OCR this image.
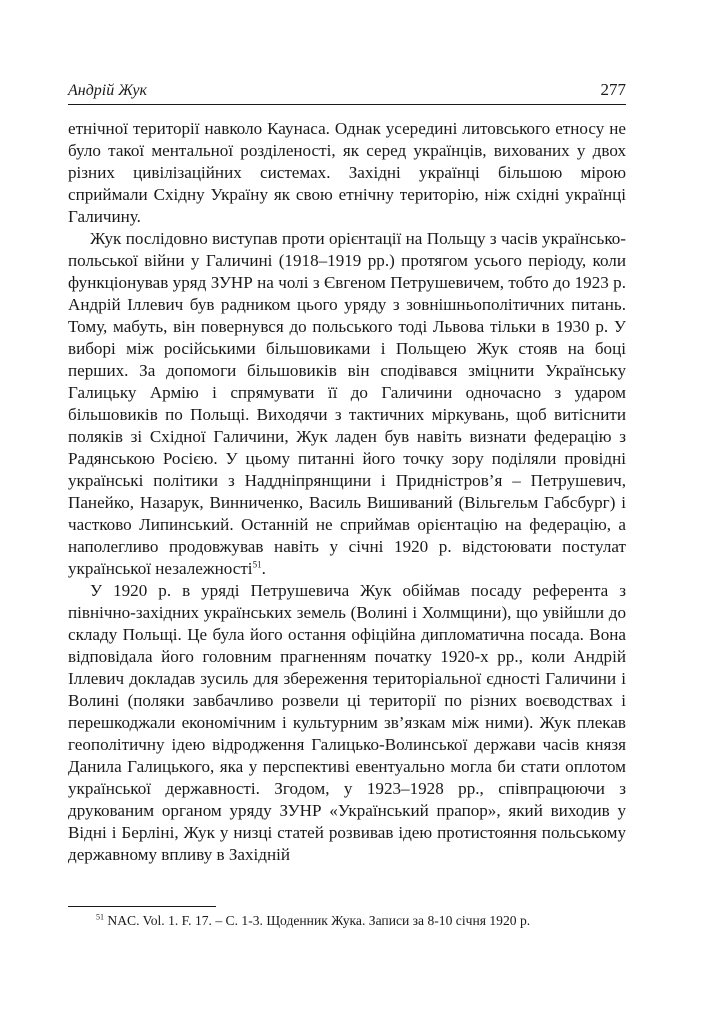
Андрій Жук	277

етнічної території навколо Каунаса. Однак усередині литовського етносу не було такої ментальної розділеності, як серед українців, вихованих у двох різних цивілізаційних системах. Західні українці більшою мірою сприймали Східну Україну як свою етнічну територію, ніж східні українці Галичину.

Жук послідовно виступав проти орієнтації на Польщу з часів українсько-польської війни у Галичині (1918–1919 рр.) протягом усього періоду, коли функціонував уряд ЗУНР на чолі з Євгеном Петрушевичем, тобто до 1923 р. Андрій Іллевич був радником цього уряду з зовнішньополітичних питань. Тому, мабуть, він повернувся до польського тоді Львова тільки в 1930 р. У виборі між російськими більшовиками і Польщею Жук стояв на боці перших. За допомоги більшовиків він сподівався зміцнити Українську Галицьку Армію і спрямувати її до Галичини одночасно з ударом більшовиків по Польщі. Виходячи з тактичних міркувань, щоб витіснити поляків зі Східної Галичини, Жук ладен був навіть визнати федерацію з Радянською Росією. У цьому питанні його точку зору поділяли провідні українські політики з Наддніпрянщини і Придністров’я – Петрушевич, Панейко, Назарук, Винниченко, Василь Вишиваний (Вільгельм Габсбург) і частково Липинський. Останній не сприймав орієнтацію на федерацію, а наполегливо продовжував навіть у січні 1920 р. відстоювати постулат української незалежності$^{51}$.

У 1920 р. в уряді Петрушевича Жук обіймав посаду референта з північно-західних українських земель (Волині і Холмщини), що увійшли до складу Польщі. Це була його остання офіційна дипломатична посада. Вона відповідала його головним прагненням початку 1920-х рр., коли Андрій Іллевич докладав зусиль для збереження територіальної єдності Галичини і Волині (поляки завбачливо розвели ці території по різних воєводствах і перешкоджали економічним і культурним зв’язкам між ними). Жук плекав геополітичну ідею відродження Галицько-Волинської держави часів князя Данила Галицького, яка у перспективі евентуально могла би стати оплотом української державності. Згодом, у 1923–1928 рр., співпрацюючи з друкованим органом уряду ЗУНР «Український прапор», який виходив у Відні і Берліні, Жук у низці статей розвивав ідею протистояння польському державному впливу в Західній

$^{51}$ NAC. Vol. 1. F. 17. – C. 1-3. Щоденник Жука. Записи за 8-10 січня 1920 р.
